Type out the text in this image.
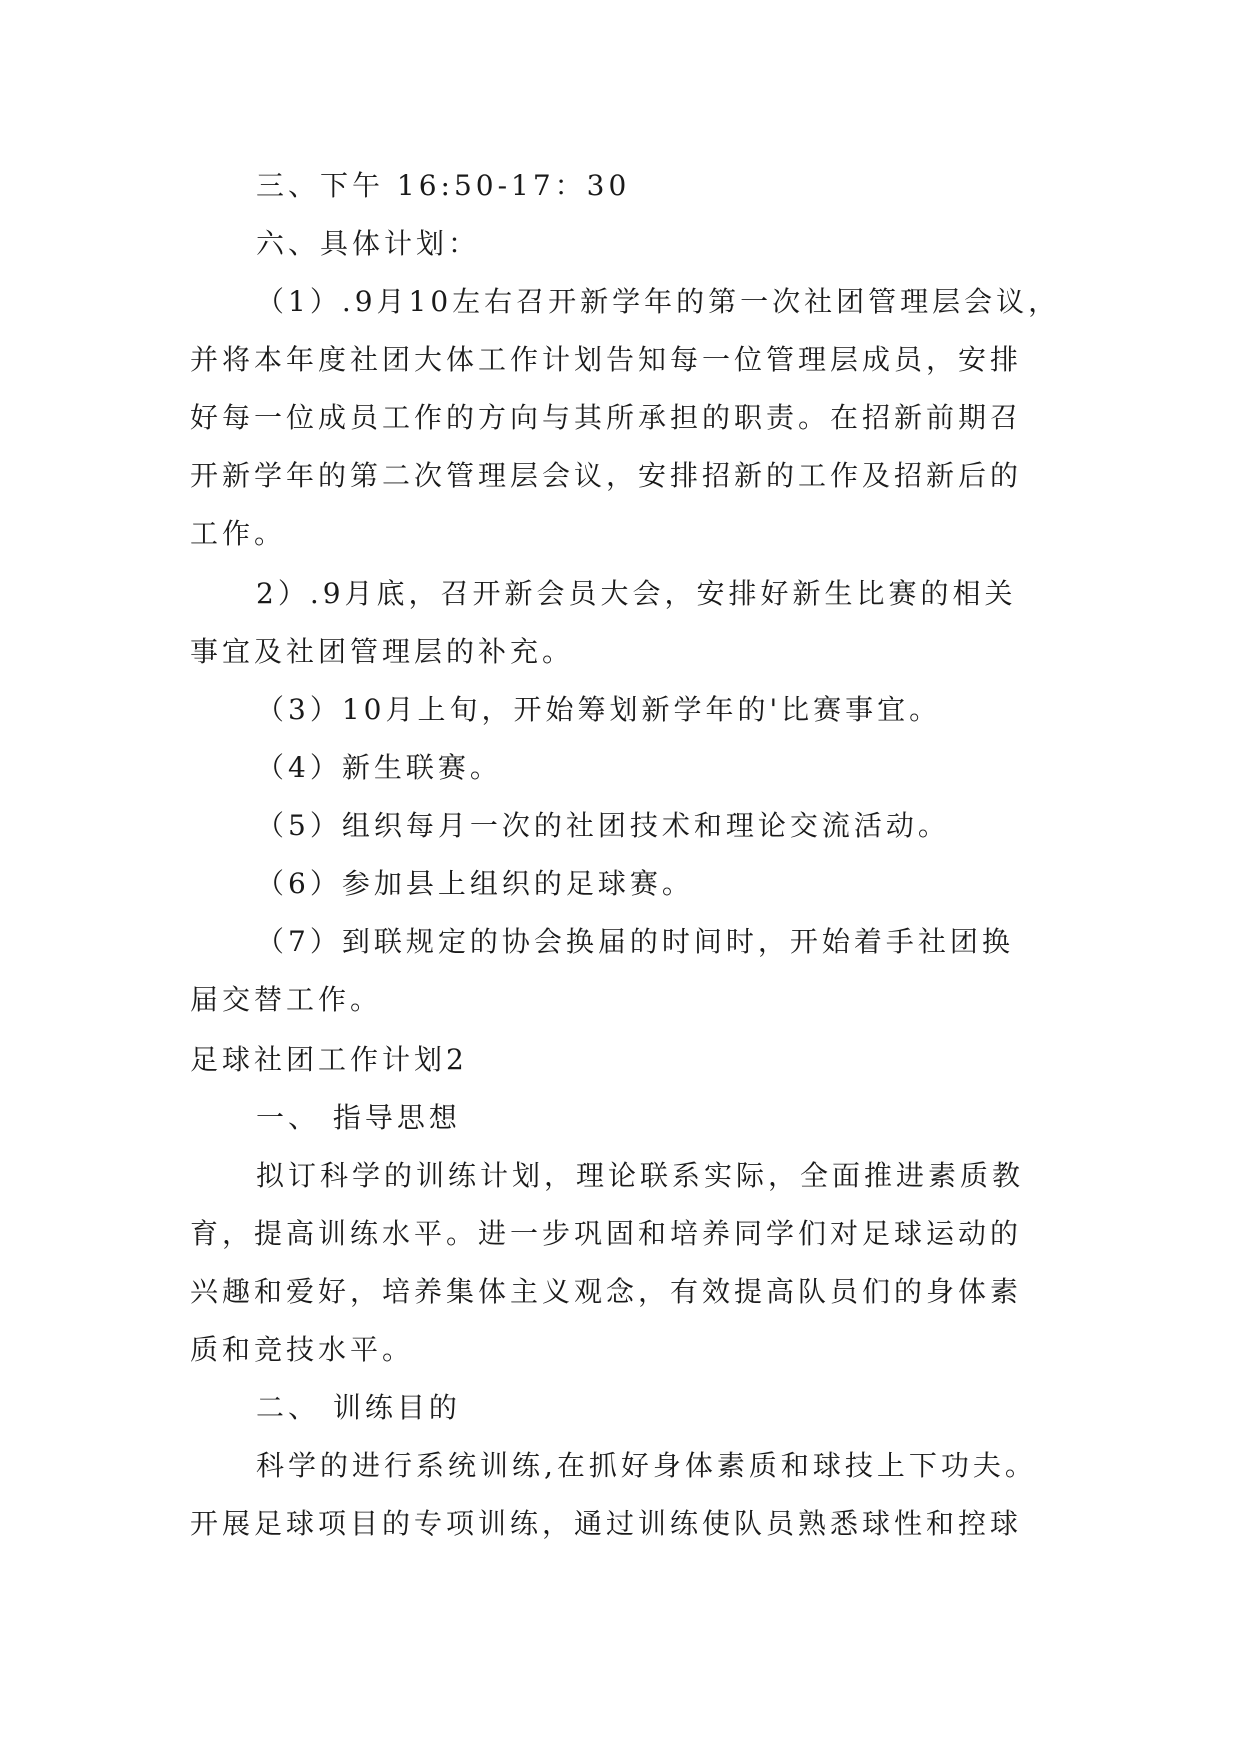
三、下午 16:50-17：30
六、具体计划：
（1）.9月10左右召开新学年的第一次社团管理层会议，
并将本年度社团大体工作计划告知每一位管理层成员，安排
好每一位成员工作的方向与其所承担的职责。在招新前期召
开新学年的第二次管理层会议，安排招新的工作及招新后的
工作。
2）.9月底，召开新会员大会，安排好新生比赛的相关
事宜及社团管理层的补充。
（3）10月上旬，开始筹划新学年的'比赛事宜。
（4）新生联赛。
（5）组织每月一次的社团技术和理论交流活动。
（6）参加县上组织的足球赛。
（7）到联规定的协会换届的时间时，开始着手社团换
届交替工作。
足球社团工作计划2
一、 指导思想
拟订科学的训练计划，理论联系实际，全面推进素质教
育，提高训练水平。进一步巩固和培养同学们对足球运动的
兴趣和爱好，培养集体主义观念，有效提高队员们的身体素
质和竞技水平。
二、 训练目的
科学的进行系统训练,在抓好身体素质和球技上下功夫。
开展足球项目的专项训练，通过训练使队员熟悉球性和控球
